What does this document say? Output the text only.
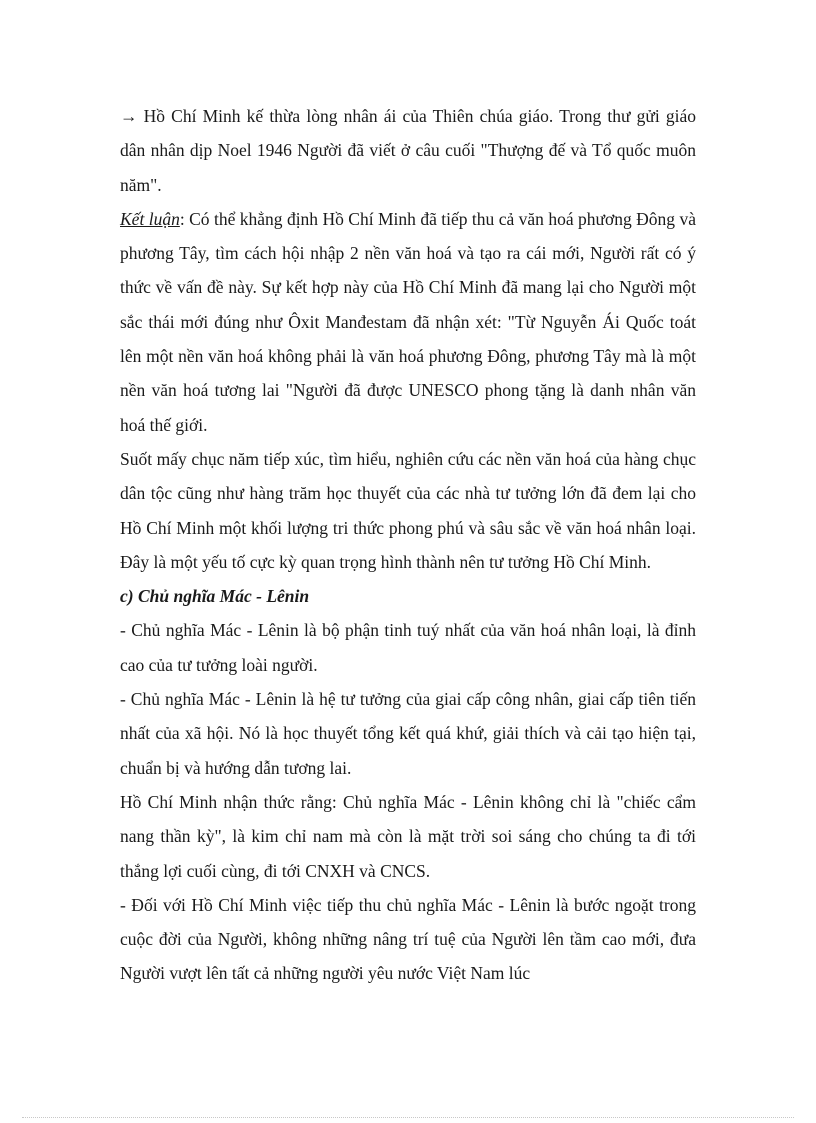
→ Hồ Chí Minh kế thừa lòng nhân ái của Thiên chúa giáo. Trong thư gửi giáo dân nhân dịp Noel 1946 Người đã viết ở câu cuối "Thượng đế và Tổ quốc muôn năm".

Kết luận: Có thể khẳng định Hồ Chí Minh đã tiếp thu cả văn hoá phương Đông và phương Tây, tìm cách hội nhập 2 nền văn hoá và tạo ra cái mới, Người rất có ý thức về vấn đề này. Sự kết hợp này của Hồ Chí Minh đã mang lại cho Người một sắc thái mới đúng như Ôxit Manđestam đã nhận xét: "Từ Nguyễn Ái Quốc toát lên một nền văn hoá không phải là văn hoá phương Đông, phương Tây mà là một nền văn hoá tương lai "Người đã được UNESCO phong tặng là danh nhân văn hoá thế giới.

Suốt mấy chục năm tiếp xúc, tìm hiểu, nghiên cứu các nền văn hoá của hàng chục dân tộc cũng như hàng trăm học thuyết của các nhà tư tưởng lớn đã đem lại cho Hồ Chí Minh một khối lượng tri thức phong phú và sâu sắc về văn hoá nhân loại. Đây là một yếu tố cực kỳ quan trọng hình thành nên tư tưởng Hồ Chí Minh.

c) Chủ nghĩa Mác - Lênin

- Chủ nghĩa Mác - Lênin là bộ phận tinh tuý nhất của văn hoá nhân loại, là đỉnh cao của tư tưởng loài người.

- Chủ nghĩa Mác - Lênin là hệ tư tưởng của giai cấp công nhân, giai cấp tiên tiến nhất của xã hội. Nó là học thuyết tổng kết quá khứ, giải thích và cải tạo hiện tại, chuẩn bị và hướng dẫn tương lai.

Hồ Chí Minh nhận thức rằng: Chủ nghĩa Mác - Lênin không chỉ là "chiếc cẩm nang thần kỳ", là kim chỉ nam mà còn là mặt trời soi sáng cho chúng ta đi tới thắng lợi cuối cùng, đi tới CNXH và CNCS.

- Đối với Hồ Chí Minh việc tiếp thu chủ nghĩa Mác - Lênin là bước ngoặt trong cuộc đời của Người, không những nâng trí tuệ của Người lên tầm cao mới, đưa Người vượt lên tất cả những người yêu nước Việt Nam lúc
